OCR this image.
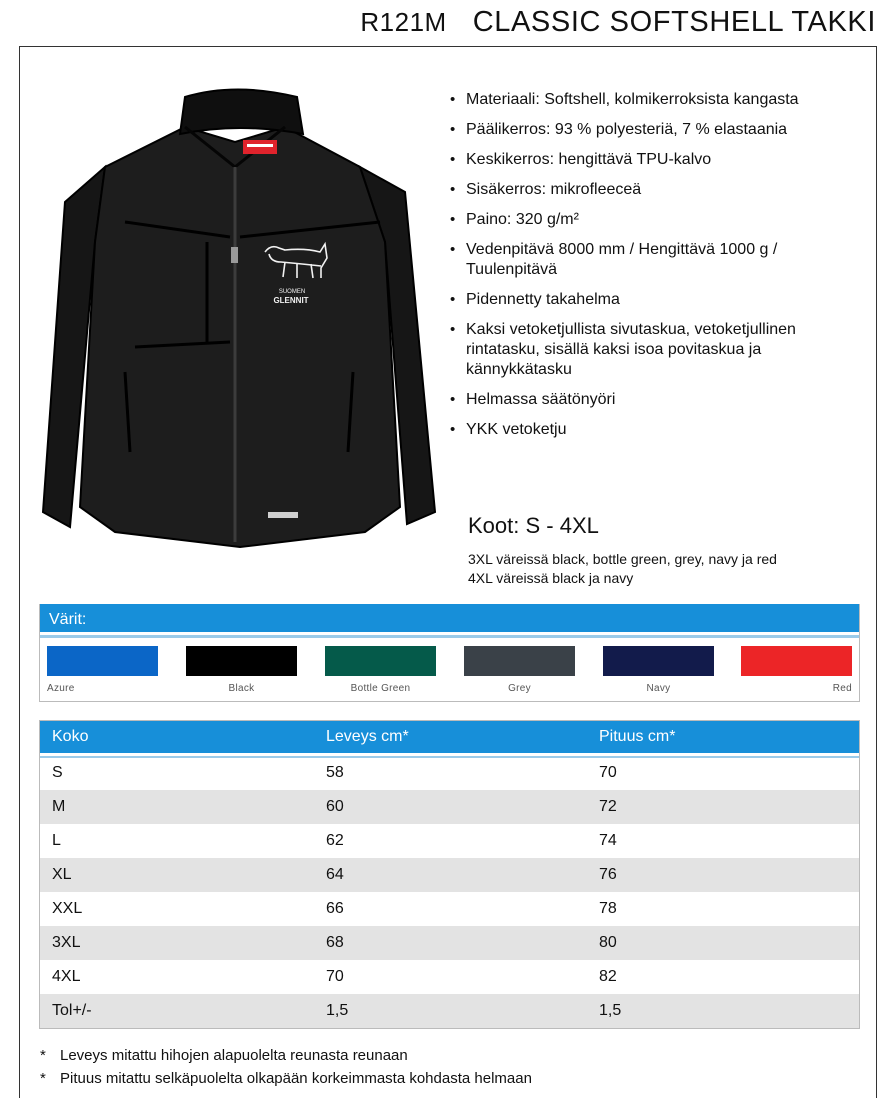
R121M CLASSIC SOFTSHELL TAKKI
SUOMEN
GLENNIT
• Materiaali: Softshell, kolmikerroksista kangasta
• Päälikerros: 93 % polyesteriä, 7 % elastaania
• Keskikerros: hengittävä TPU-kalvo
• Sisäkerros: mikrofleeceä
• Paino: 320 g/m²
• Vedenpitävä 8000 mm / Hengittävä 1000 g / Tuulenpitävä
• Pidennetty takahelma
• Kaksi vetoketjullista sivutaskua, vetoketjullinen rintatasku, sisällä kaksi isoa povitaskua ja kännykkätasku
• Helmassa säätönyöri
• YKK vetoketju
Koot: S - 4XL
3XL väreissä black, bottle green, grey, navy ja red
4XL väreissä black ja navy
Värit:
Azure	Black	Bottle Green	Grey	Navy	Red
Koko	Leveys cm*	Pituus cm*
S	58	70
M	60	72
L	62	74
XL	64	76
XXL	66	78
3XL	68	80
4XL	70	82
Tol+/-	1,5	1,5
* Leveys mitattu hihojen alapuolelta reunasta reunaan
* Pituus mitattu selkäpuolelta olkapään korkeimmasta kohdasta helmaan
